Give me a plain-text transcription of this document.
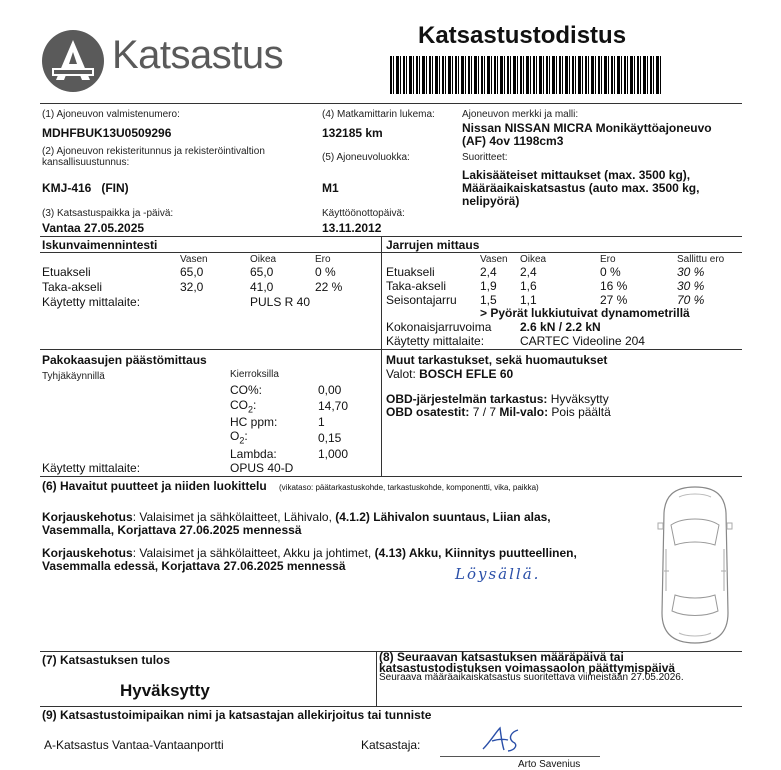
Katsastus	Katsastustodistus
(1) Ajoneuvon valmistenumero:
MDHFBUK13U0509296
(2) Ajoneuvon rekisteritunnus ja rekisteröintivaltion kansallisuustunnus:
KMJ-416   (FIN)
(3) Katsastuspaikka ja -päivä:
Vantaa 27.05.2025
(4) Matkamittarin lukema:
132185 km
(5) Ajoneuvoluokka:
M1
Käyttöönottopäivä:
13.11.2012
Ajoneuvon merkki ja malli:
Nissan NISSAN MICRA Monikäyttöajoneuvo
(AF) 4ov 1198cm3
Suoritteet:
Lakisääteiset mittaukset (max. 3500 kg),
Määräaikaiskatsastus (auto max. 3500 kg,
nelipyörä)
Iskunvaimennintesti
Vasen	Oikea	Ero
Etuakseli	65,0	65,0	0 %
Taka-akseli	32,0	41,0	22 %
Käytetty mittalaite:	PULS R 40
Jarrujen mittaus
Vasen Oikea	Ero	Sallittu ero
Etuakseli	2,4 2,4	0 %	30 %
Taka-akseli	1,9 1,6	16 %	30 %
Seisontajarru 1,5 1,1	27 %	70 %
> Pyörät lukkiutuivat dynamometrillä
Kokonaisjarruvoima 2.6 kN / 2.2 kN
Käytetty mittalaite:	CARTEC Videoline 204
Pakokaasujen päästömittaus
Tyhjäkäynnillä	Kierroksilla
CO%:	0,00
$CO_2$:	14,70
HC ppm:	1
$O_2$:	0,15
Lambda:	1,000
Käytetty mittalaite:	OPUS 40-D
Muut tarkastukset, sekä huomautukset
Valot: BOSCH EFLE 60
OBD-järjestelmän tarkastus: Hyväksytty
OBD osatestit: 7 / 7 Mil-valo: Pois päältä
(6) Havaitut puutteet ja niiden luokittelu (vikataso: päätarkastuskohde, tarkastuskohde, komponentti, vika, paikka)
Korjauskehotus: Valaisimet ja sähkölaitteet, Lähivalo, (4.1.2) Lähivalon suuntaus, Liian alas,
Vasemmalla, Korjattava 27.06.2025 mennessä
Korjauskehotus: Valaisimet ja sähkölaitteet, Akku ja johtimet, (4.13) Akku, Kiinnitys puutteellinen,
Vasemmalla edessä, Korjattava 27.06.2025 mennessä	Löysällä.
(7) Katsastuksen tulos
Hyväksytty
(8) Seuraavan katsastuksen määräpäivä tai
katsastustodistuksen voimassaolon päättymispäivä
Seuraava määräaikaiskatsastus suoritettava viimeistään 27.05.2026.
(9) Katsastustoimipaikan nimi ja katsastajan allekirjoitus tai tunniste
A-Katsastus Vantaa-Vantaanportti	Katsastaja:
Arto Savenius
